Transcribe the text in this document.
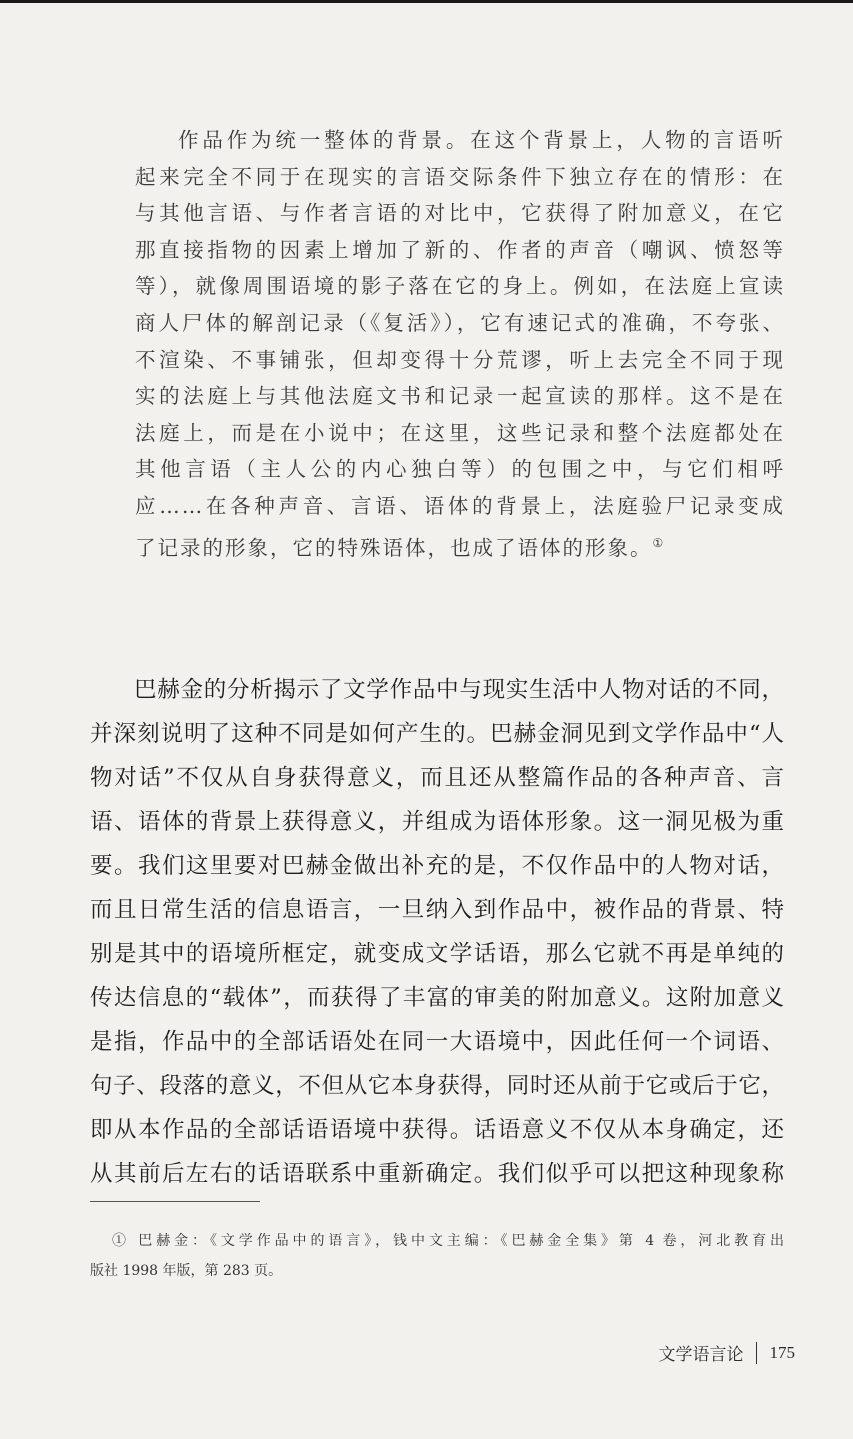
作品作为统一整体的背景。在这个背景上，人物的言语听
起来完全不同于在现实的言语交际条件下独立存在的情形：在
与其他言语、与作者言语的对比中，它获得了附加意义，在它
那直接指物的因素上增加了新的、作者的声音（嘲讽、愤怒等
等），就像周围语境的影子落在它的身上。例如，在法庭上宣读
商人尸体的解剖记录（《复活》），它有速记式的准确，不夸张、
不渲染、不事铺张，但却变得十分荒谬，听上去完全不同于现
实的法庭上与其他法庭文书和记录一起宣读的那样。这不是在
法庭上，而是在小说中；在这里，这些记录和整个法庭都处在
其他言语（主人公的内心独白等）的包围之中，与它们相呼
应……在各种声音、言语、语体的背景上，法庭验尸记录变成
了记录的形象，它的特殊语体，也成了语体的形象。①
巴赫金的分析揭示了文学作品中与现实生活中人物对话的不同，
并深刻说明了这种不同是如何产生的。巴赫金洞见到文学作品中“人
物对话”不仅从自身获得意义，而且还从整篇作品的各种声音、言
语、语体的背景上获得意义，并组成为语体形象。这一洞见极为重
要。我们这里要对巴赫金做出补充的是，不仅作品中的人物对话，
而且日常生活的信息语言，一旦纳入到作品中，被作品的背景、特
别是其中的语境所框定，就变成文学话语，那么它就不再是单纯的
传达信息的“载体”，而获得了丰富的审美的附加意义。这附加意义
是指，作品中的全部话语处在同一大语境中，因此任何一个词语、
句子、段落的意义，不但从它本身获得，同时还从前于它或后于它，
即从本作品的全部话语语境中获得。话语意义不仅从本身确定，还
从其前后左右的话语联系中重新确定。我们似乎可以把这种现象称
① 巴赫金：《文学作品中的语言》，钱中文主编：《巴赫金全集》第 4 卷，河北教育出
版社 1998 年版，第 283 页。
文学语言论 175
